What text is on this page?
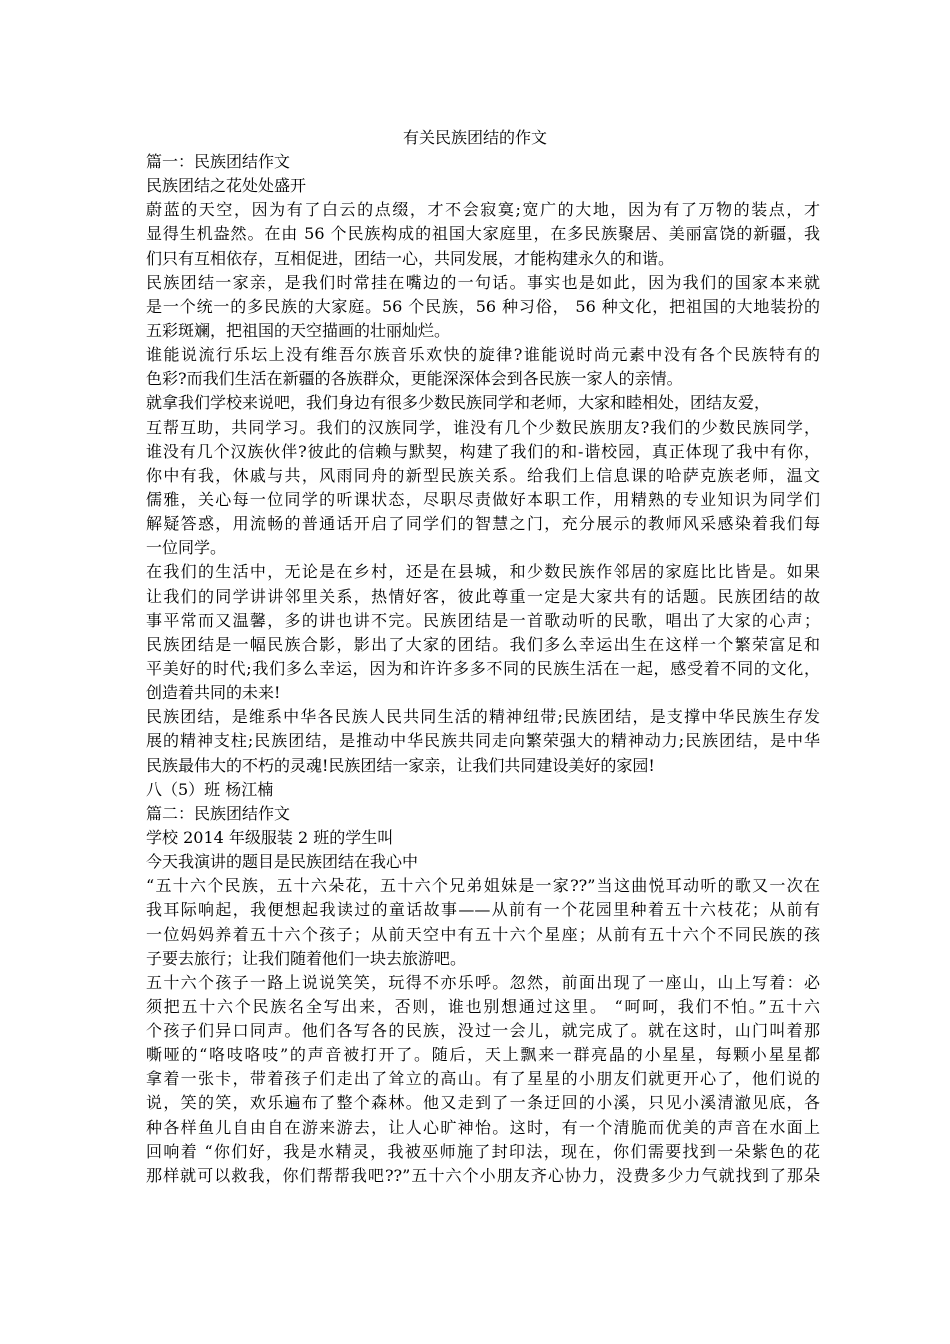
有关民族团结的作文
篇一：民族团结作文
民族团结之花处处盛开
蔚蓝的天空，因为有了白云的点缀，才不会寂寞;宽广的大地，因为有了万物的装点，才
显得生机盎然。在由 56 个民族构成的祖国大家庭里，在多民族聚居、美丽富饶的新疆，我
们只有互相依存，互相促进，团结一心，共同发展，才能构建永久的和谐。
民族团结一家亲，是我们时常挂在嘴边的一句话。事实也是如此，因为我们的国家本来就
是一个统一的多民族的大家庭。56 个民族，56 种习俗， 56 种文化，把祖国的大地装扮的
五彩斑斓，把祖国的天空描画的壮丽灿烂。
谁能说流行乐坛上没有维吾尔族音乐欢快的旋律?谁能说时尚元素中没有各个民族特有的
色彩?而我们生活在新疆的各族群众，更能深深体会到各民族一家人的亲情。
就拿我们学校来说吧，我们身边有很多少数民族同学和老师，大家和睦相处，团结友爱，
互帮互助，共同学习。我们的汉族同学，谁没有几个少数民族朋友?我们的少数民族同学，
谁没有几个汉族伙伴?彼此的信赖与默契，构建了我们的和-谐校园，真正体现了我中有你，
你中有我，休戚与共，风雨同舟的新型民族关系。给我们上信息课的哈萨克族老师，温文
儒雅，关心每一位同学的听课状态，尽职尽责做好本职工作，用精熟的专业知识为同学们
解疑答惑，用流畅的普通话开启了同学们的智慧之门，充分展示的教师风采感染着我们每
一位同学。
在我们的生活中，无论是在乡村，还是在县城，和少数民族作邻居的家庭比比皆是。如果
让我们的同学讲讲邻里关系，热情好客，彼此尊重一定是大家共有的话题。民族团结的故
事平常而又温馨，多的讲也讲不完。民族团结是一首歌动听的民歌，唱出了大家的心声；
民族团结是一幅民族合影，影出了大家的团结。我们多么幸运出生在这样一个繁荣富足和
平美好的时代;我们多么幸运，因为和许许多多不同的民族生活在一起，感受着不同的文化，
创造着共同的未来!
民族团结，是维系中华各民族人民共同生活的精神纽带;民族团结，是支撑中华民族生存发
展的精神支柱;民族团结，是推动中华民族共同走向繁荣强大的精神动力;民族团结，是中华
民族最伟大的不朽的灵魂!民族团结一家亲，让我们共同建设美好的家园!
八（5）班 杨江楠
篇二：民族团结作文
学校 2014 年级服装 2 班的学生叫
今天我演讲的题目是民族团结在我心中
“五十六个民族，五十六朵花，五十六个兄弟姐妹是一家??”当这曲悦耳动听的歌又一次在
我耳际响起，我便想起我读过的童话故事——从前有一个花园里种着五十六枝花；从前有
一位妈妈养着五十六个孩子；从前天空中有五十六个星座；从前有五十六个不同民族的孩
子要去旅行；让我们随着他们一块去旅游吧。
五十六个孩子一路上说说笑笑，玩得不亦乐呼。忽然，前面出现了一座山，山上写着：必
须把五十六个民族名全写出来，否则，谁也别想通过这里。 “呵呵，我们不怕。”五十六
个孩子们异口同声。他们各写各的民族，没过一会儿，就完成了。就在这时，山门叫着那
嘶哑的“咯吱咯吱”的声音被打开了。随后，天上飘来一群亮晶的小星星，每颗小星星都
拿着一张卡，带着孩子们走出了耸立的高山。有了星星的小朋友们就更开心了，他们说的
说，笑的笑，欢乐遍布了整个森林。他又走到了一条迂回的小溪，只见小溪清澈见底，各
种各样鱼儿自由自在游来游去，让人心旷神怡。这时，有一个清脆而优美的声音在水面上
回响着 “你们好，我是水精灵，我被巫师施了封印法，现在，你们需要找到一朵紫色的花
那样就可以救我，你们帮帮我吧??”五十六个小朋友齐心协力，没费多少力气就找到了那朵
